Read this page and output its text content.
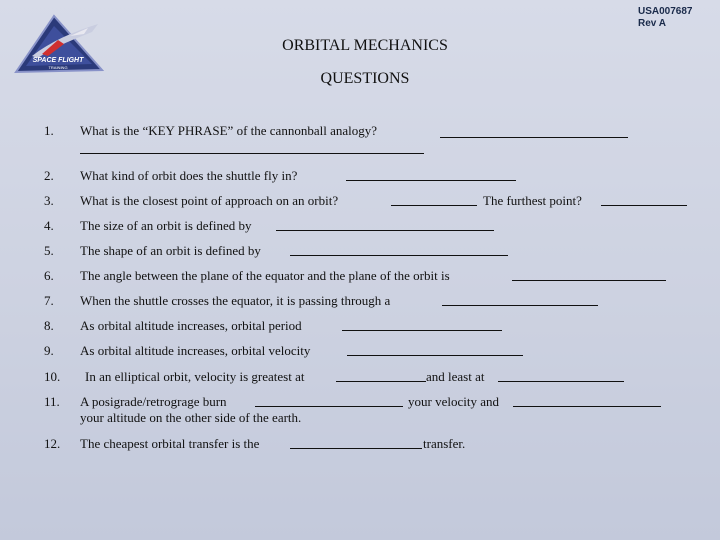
SPACE FLIGHT
TRAINING
USA007687
Rev A
ORBITAL MECHANICS
QUESTIONS
1. What is the “KEY PHRASE” of the cannonball analogy?
2. What kind of orbit does the shuttle fly in?
3. What is the closest point of approach on an orbit?	The furthest point?
4. The size of an orbit is defined by
5. The shape of an orbit is defined by
6. The angle between the plane of the equator and the plane of the orbit is
7. When the shuttle crosses the equator, it is passing through a
8. As orbital altitude increases, orbital period
9. As orbital altitude increases, orbital velocity
10. In an elliptical orbit, velocity is greatest at	and least at
11. A posigrade/retrograge burn	your velocity and
your altitude on the other side of the earth.
12. The cheapest orbital transfer is the	transfer.
